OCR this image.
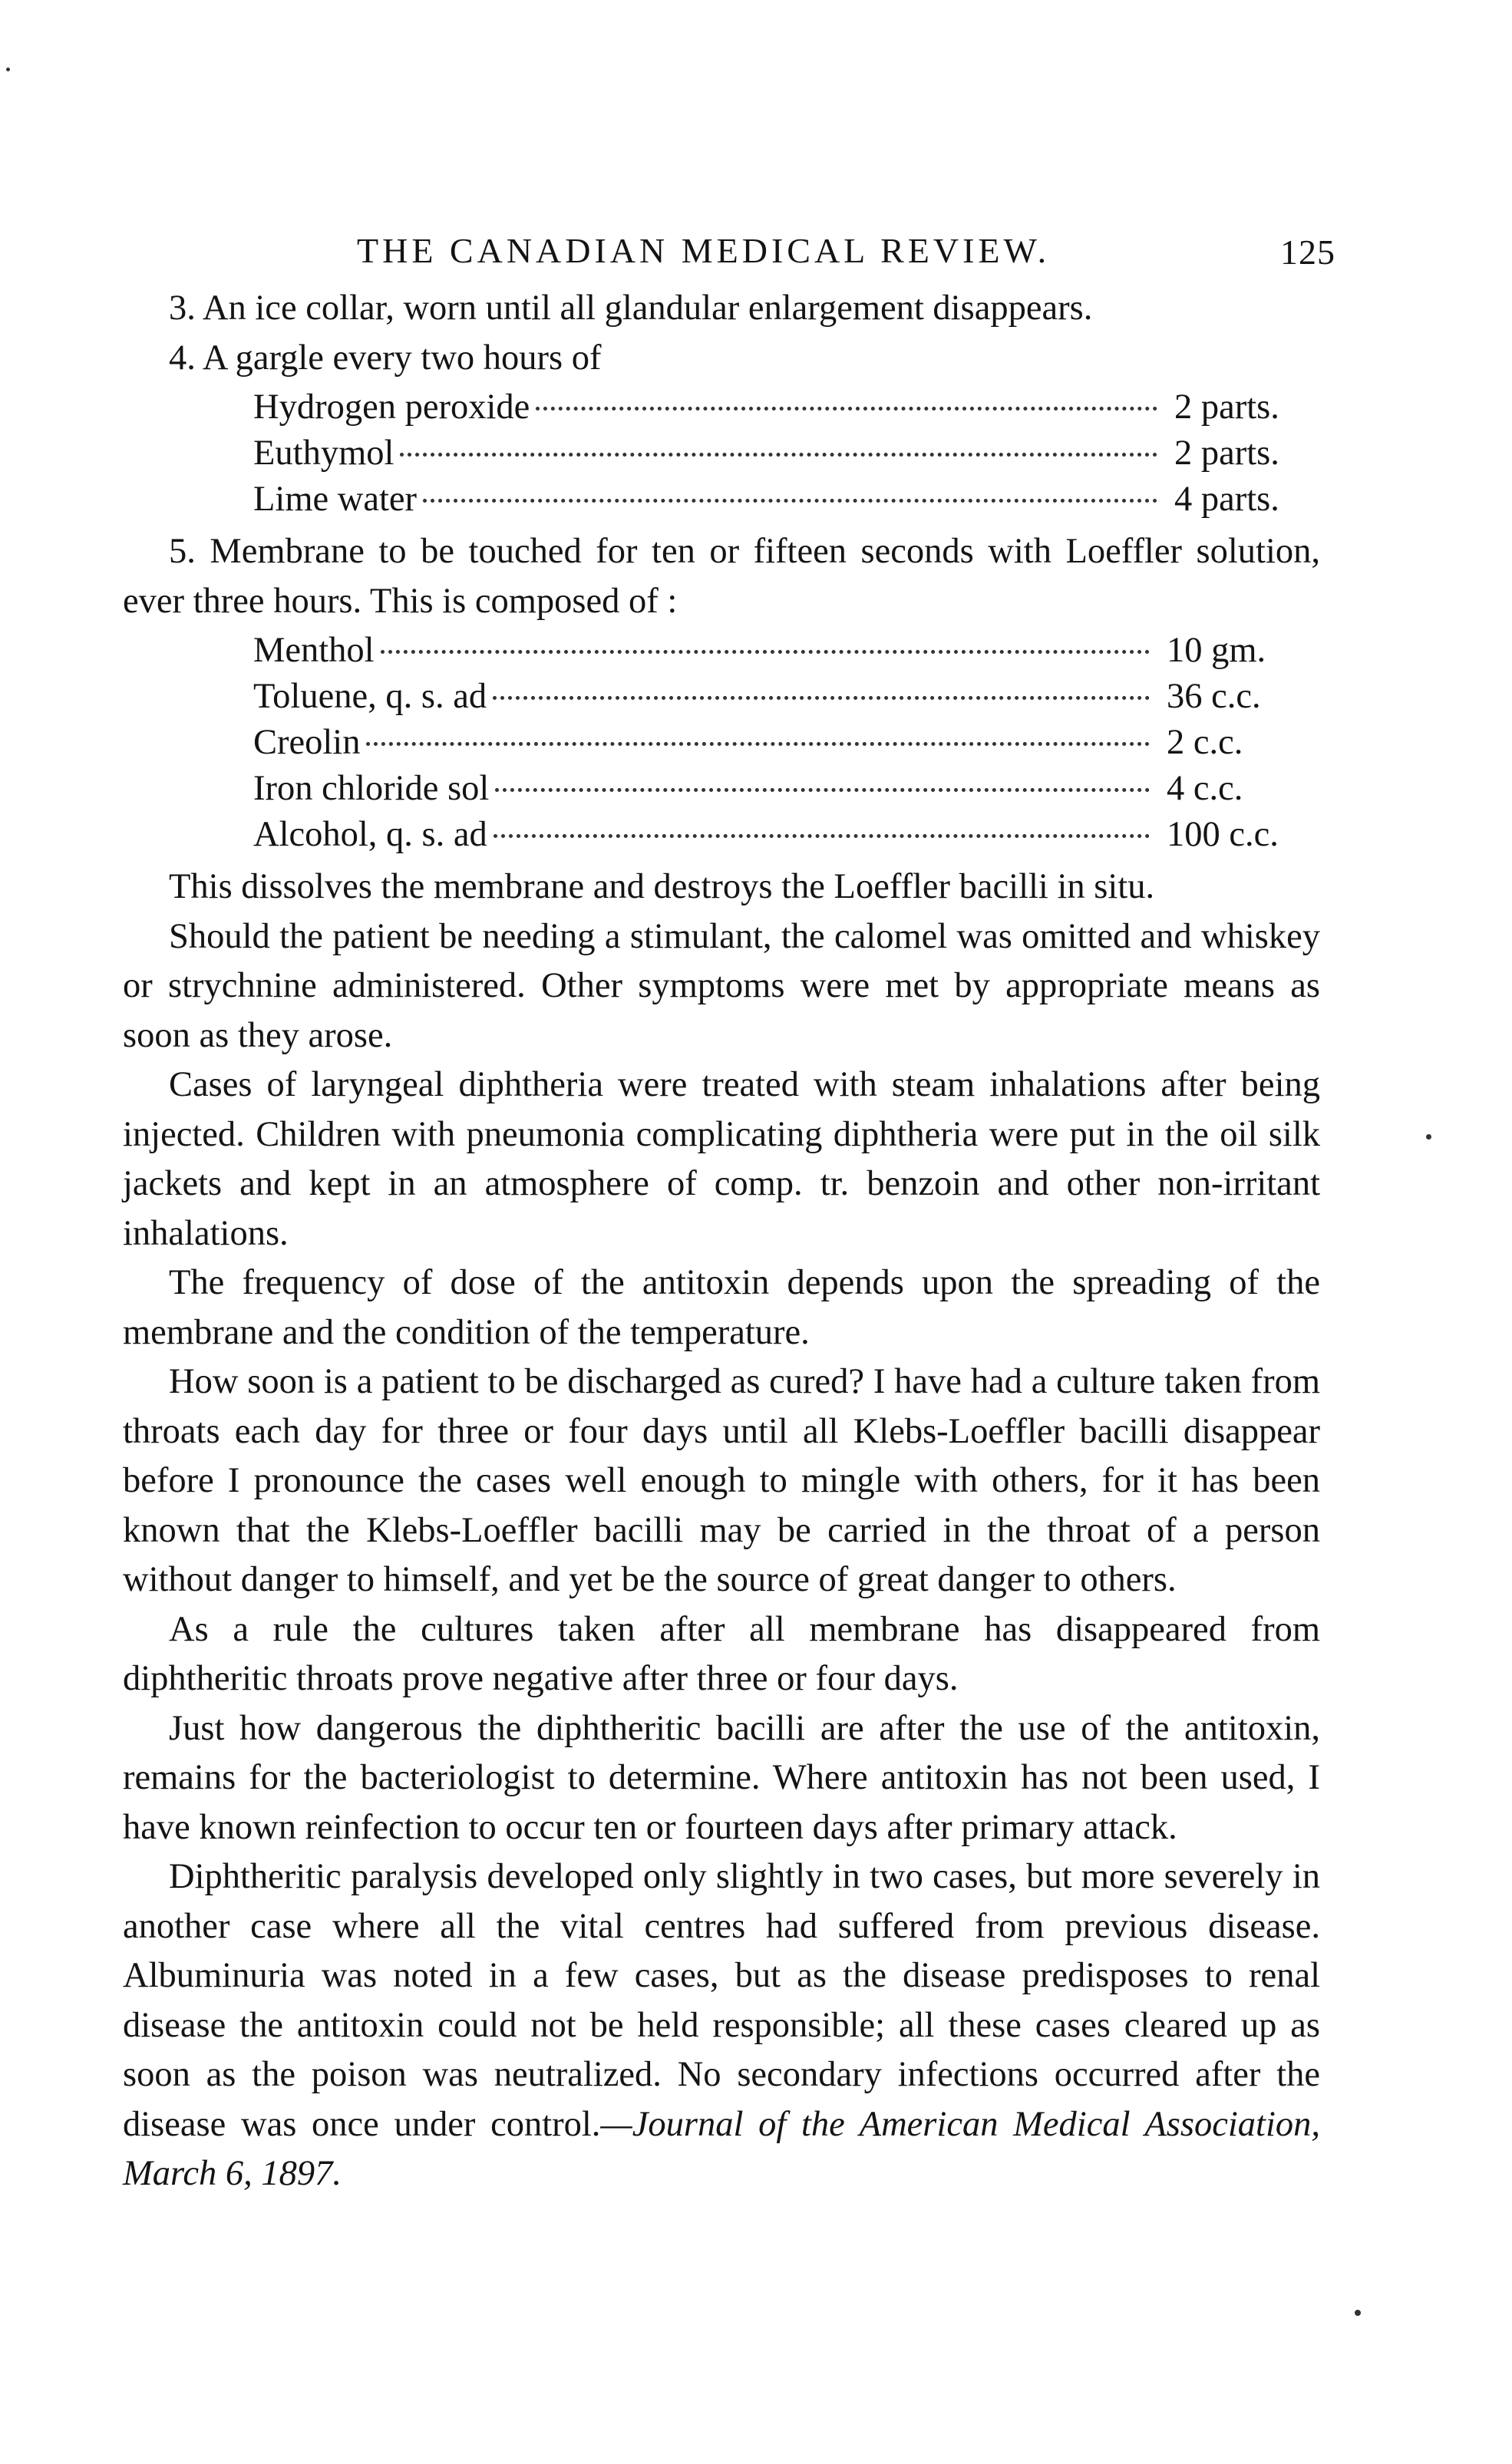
THE CANADIAN MEDICAL REVIEW.	125

3. An ice collar, worn until all glandular enlargement disappears.

4. A gargle every two hours of

Hydrogen peroxide	2 parts.
Euthymol	2 parts.
Lime water	4 parts.

5. Membrane to be touched for ten or fifteen seconds with Loeffler solution, ever three hours. This is composed of :

Menthol	10 gm.
Toluene, q. s. ad	36 c.c.
Creolin	2 c.c.
Iron chloride sol	4 c.c.
Alcohol, q. s. ad	100 c.c.

This dissolves the membrane and destroys the Loeffler bacilli in situ.

Should the patient be needing a stimulant, the calomel was omitted and whiskey or strychnine administered. Other symptoms were met by appropriate means as soon as they arose.

Cases of laryngeal diphtheria were treated with steam inhalations after being injected. Children with pneumonia complicating diphtheria were put in the oil silk jackets and kept in an atmosphere of comp. tr. benzoin and other non-irritant inhalations.

The frequency of dose of the antitoxin depends upon the spreading of the membrane and the condition of the temperature.

How soon is a patient to be discharged as cured? I have had a culture taken from throats each day for three or four days until all Klebs-Loeffler bacilli disappear before I pronounce the cases well enough to mingle with others, for it has been known that the Klebs-Loeffler bacilli may be carried in the throat of a person without danger to himself, and yet be the source of great danger to others.

As a rule the cultures taken after all membrane has disappeared from diphtheritic throats prove negative after three or four days.

Just how dangerous the diphtheritic bacilli are after the use of the antitoxin, remains for the bacteriologist to determine. Where antitoxin has not been used, I have known reinfection to occur ten or fourteen days after primary attack.

Diphtheritic paralysis developed only slightly in two cases, but more severely in another case where all the vital centres had suffered from previous disease. Albuminuria was noted in a few cases, but as the disease predisposes to renal disease the antitoxin could not be held responsible; all these cases cleared up as soon as the poison was neutralized. No secondary infections occurred after the disease was once under control.—Journal of the American Medical Association, March 6, 1897.
